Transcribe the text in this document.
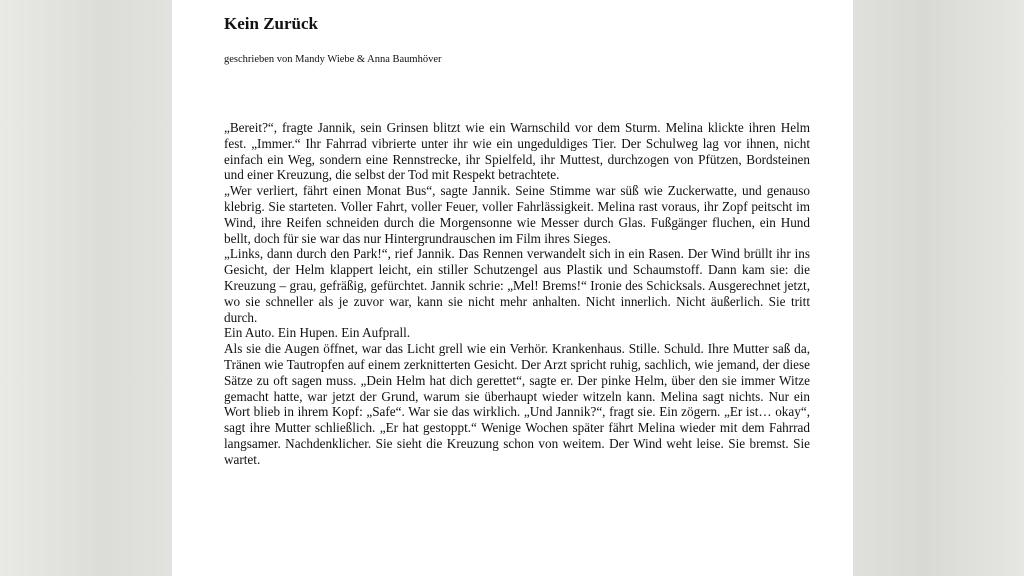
Kein Zurück

geschrieben von Mandy Wiebe & Anna Baumhöver

„Bereit?“, fragte Jannik, sein Grinsen blitzt wie ein Warnschild vor dem Sturm. Melina klickte ihren Helm fest. „Immer.“ Ihr Fahrrad vibrierte unter ihr wie ein ungeduldiges Tier. Der Schulweg lag vor ihnen, nicht einfach ein Weg, sondern eine Rennstrecke, ihr Spielfeld, ihr Muttest, durchzogen von Pfützen, Bordsteinen und einer Kreuzung, die selbst der Tod mit Respekt betrachtete.

„Wer verliert, fährt einen Monat Bus“, sagte Jannik. Seine Stimme war süß wie Zuckerwatte, und genauso klebrig. Sie starteten. Voller Fahrt, voller Feuer, voller Fahrlässigkeit. Melina rast voraus, ihr Zopf peitscht im Wind, ihre Reifen schneiden durch die Morgensonne wie Messer durch Glas. Fußgänger fluchen, ein Hund bellt, doch für sie war das nur Hintergrundrauschen im Film ihres Sieges.

„Links, dann durch den Park!“, rief Jannik. Das Rennen verwandelt sich in ein Rasen. Der Wind brüllt ihr ins Gesicht, der Helm klappert leicht, ein stiller Schutzengel aus Plastik und Schaumstoff. Dann kam sie: die Kreuzung – grau, gefräßig, gefürchtet. Jannik schrie: „Mel! Brems!“ Ironie des Schicksals. Ausgerechnet jetzt, wo sie schneller als je zuvor war, kann sie nicht mehr anhalten. Nicht innerlich. Nicht äußerlich. Sie tritt durch.

Ein Auto. Ein Hupen. Ein Aufprall.

Als sie die Augen öffnet, war das Licht grell wie ein Verhör. Krankenhaus. Stille. Schuld. Ihre Mutter saß da, Tränen wie Tautropfen auf einem zerknitterten Gesicht. Der Arzt spricht ruhig, sachlich, wie jemand, der diese Sätze zu oft sagen muss. „Dein Helm hat dich gerettet“, sagte er. Der pinke Helm, über den sie immer Witze gemacht hatte, war jetzt der Grund, warum sie überhaupt wieder witzeln kann. Melina sagt nichts. Nur ein Wort blieb in ihrem Kopf: „Safe“. War sie das wirklich. „Und Jannik?“, fragt sie. Ein zögern. „Er ist… okay“, sagt ihre Mutter schließlich. „Er hat gestoppt.“ Wenige Wochen später fährt Melina wieder mit dem Fahrrad langsamer. Nachdenklicher. Sie sieht die Kreuzung schon von weitem. Der Wind weht leise. Sie bremst. Sie wartet.
